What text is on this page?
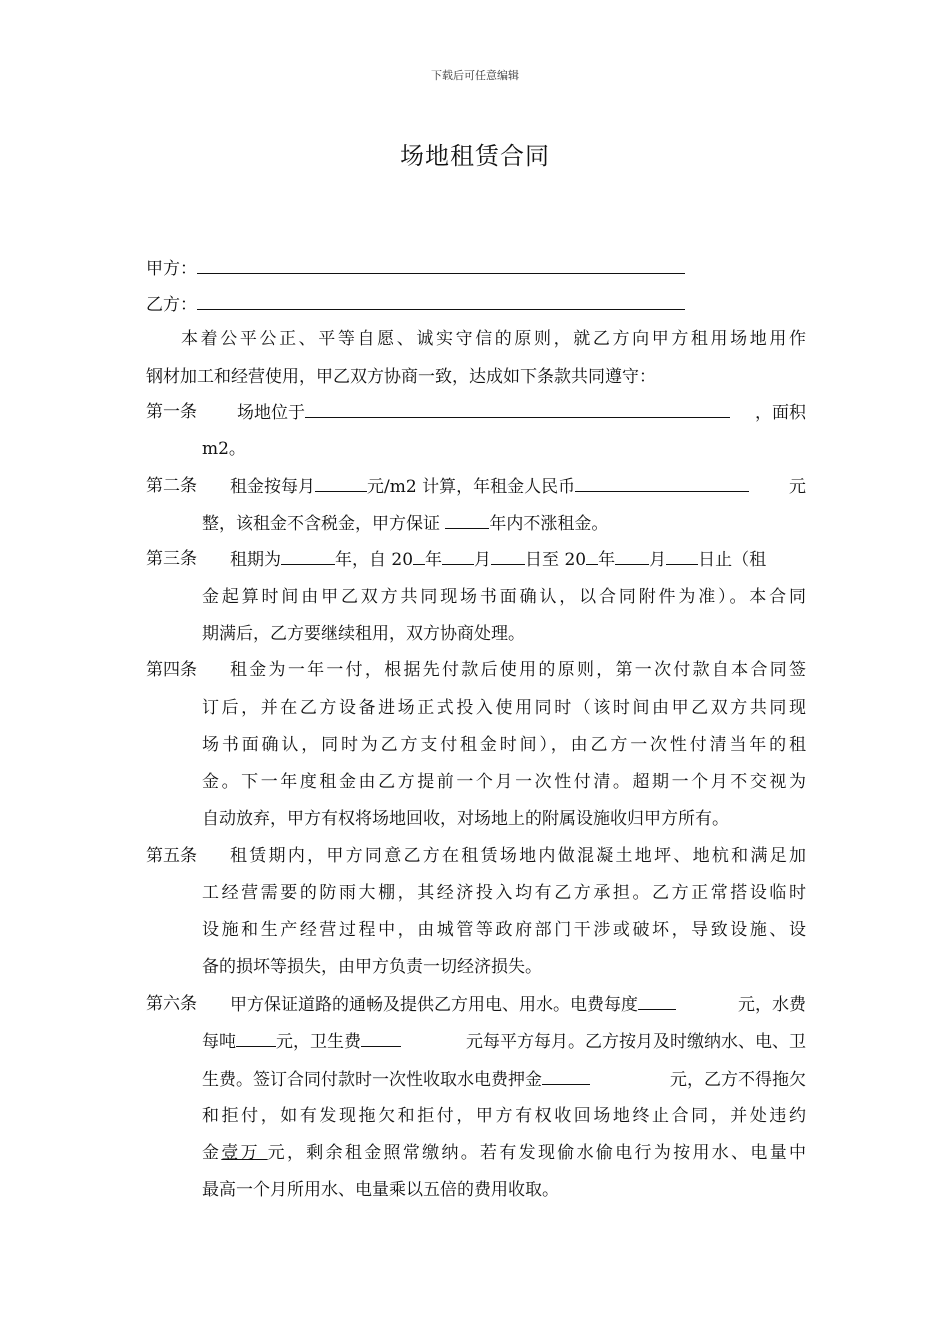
下载后可任意编辑
场地租赁合同
甲方：
乙方：
本着公平公正、平等自愿、诚实守信的原则，就乙方向甲方租用场地用作
钢材加工和经营使用，甲乙双方协商一致，达成如下条款共同遵守：
第一条 场地位于	，面积
m2。
第二条 租金按每月	元/m2 计算，年租金人民币	元
整，该租金不含税金，甲方保证	年内不涨租金。
第三条 租期为	年，自 20 年 月 日至 20 年 月 日止（租
金起算时间由甲乙双方共同现场书面确认，以合同附件为准）。本合同
期满后，乙方要继续租用，双方协商处理。
第四条 租金为一年一付，根据先付款后使用的原则，第一次付款自本合同签
订后，并在乙方设备进场正式投入使用同时（该时间由甲乙双方共同现
场书面确认，同时为乙方支付租金时间），由乙方一次性付清当年的租
金。下一年度租金由乙方提前一个月一次性付清。超期一个月不交视为
自动放弃，甲方有权将场地回收，对场地上的附属设施收归甲方所有。
第五条 租赁期内，甲方同意乙方在租赁场地内做混凝土地坪、地杭和满足加
工经营需要的防雨大棚，其经济投入均有乙方承担。乙方正常搭设临时
设施和生产经营过程中，由城管等政府部门干涉或破坏，导致设施、设
备的损坏等损失，由甲方负责一切经济损失。
第六条 甲方保证道路的通畅及提供乙方用电、用水。电费每度	元，水费
每吨 元，卫生费	元每平方每月。乙方按月及时缴纳水、电、卫
生费。签订合同付款时一次性收取水电费押金	元，乙方不得拖欠
和拒付，如有发现拖欠和拒付，甲方有权收回场地终止合同，并处违约
金壹万 元，剩余租金照常缴纳。若有发现偷水偷电行为按用水、电量中
最高一个月所用水、电量乘以五倍的费用收取。
